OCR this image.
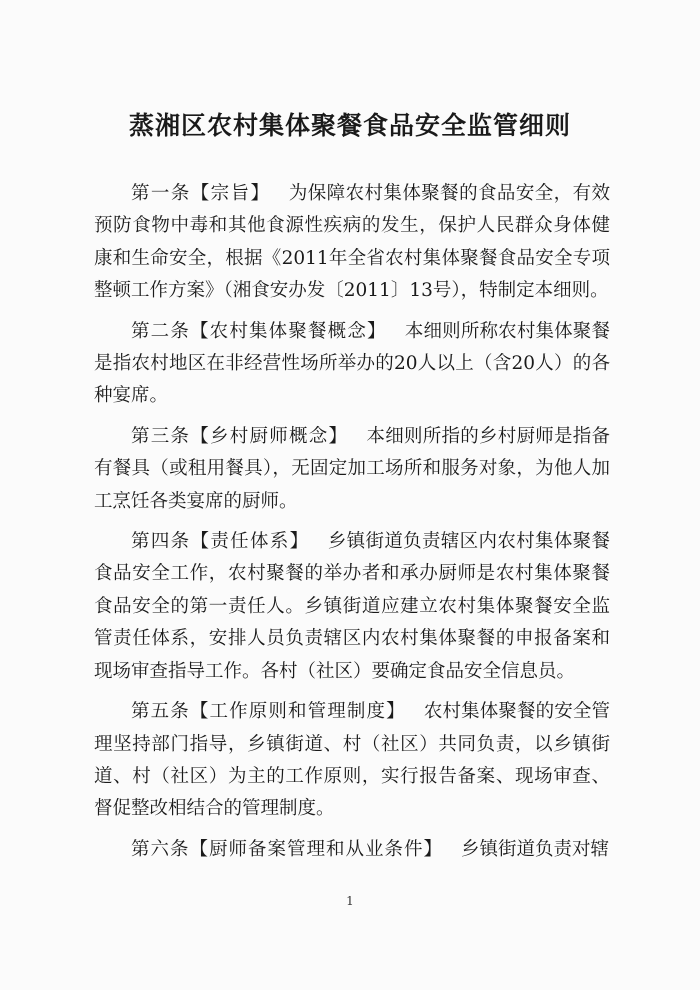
蒸湘区农村集体聚餐食品安全监管细则

第一条【宗旨】 为保障农村集体聚餐的食品安全，有效预防食物中毒和其他食源性疾病的发生，保护人民群众身体健康和生命安全，根据《2011年全省农村集体聚餐食品安全专项整顿工作方案》（湘食安办发〔2011〕13号），特制定本细则。

第二条【农村集体聚餐概念】 本细则所称农村集体聚餐是指农村地区在非经营性场所举办的20人以上（含20人）的各种宴席。

第三条【乡村厨师概念】 本细则所指的乡村厨师是指备有餐具（或租用餐具），无固定加工场所和服务对象，为他人加工烹饪各类宴席的厨师。

第四条【责任体系】 乡镇街道负责辖区内农村集体聚餐食品安全工作，农村聚餐的举办者和承办厨师是农村集体聚餐食品安全的第一责任人。乡镇街道应建立农村集体聚餐安全监管责任体系，安排人员负责辖区内农村集体聚餐的申报备案和现场审查指导工作。各村（社区）要确定食品安全信息员。

第五条【工作原则和管理制度】 农村集体聚餐的安全管理坚持部门指导，乡镇街道、村（社区）共同负责，以乡镇街道、村（社区）为主的工作原则，实行报告备案、现场审查、督促整改相结合的管理制度。

第六条【厨师备案管理和从业条件】 乡镇街道负责对辖

1
